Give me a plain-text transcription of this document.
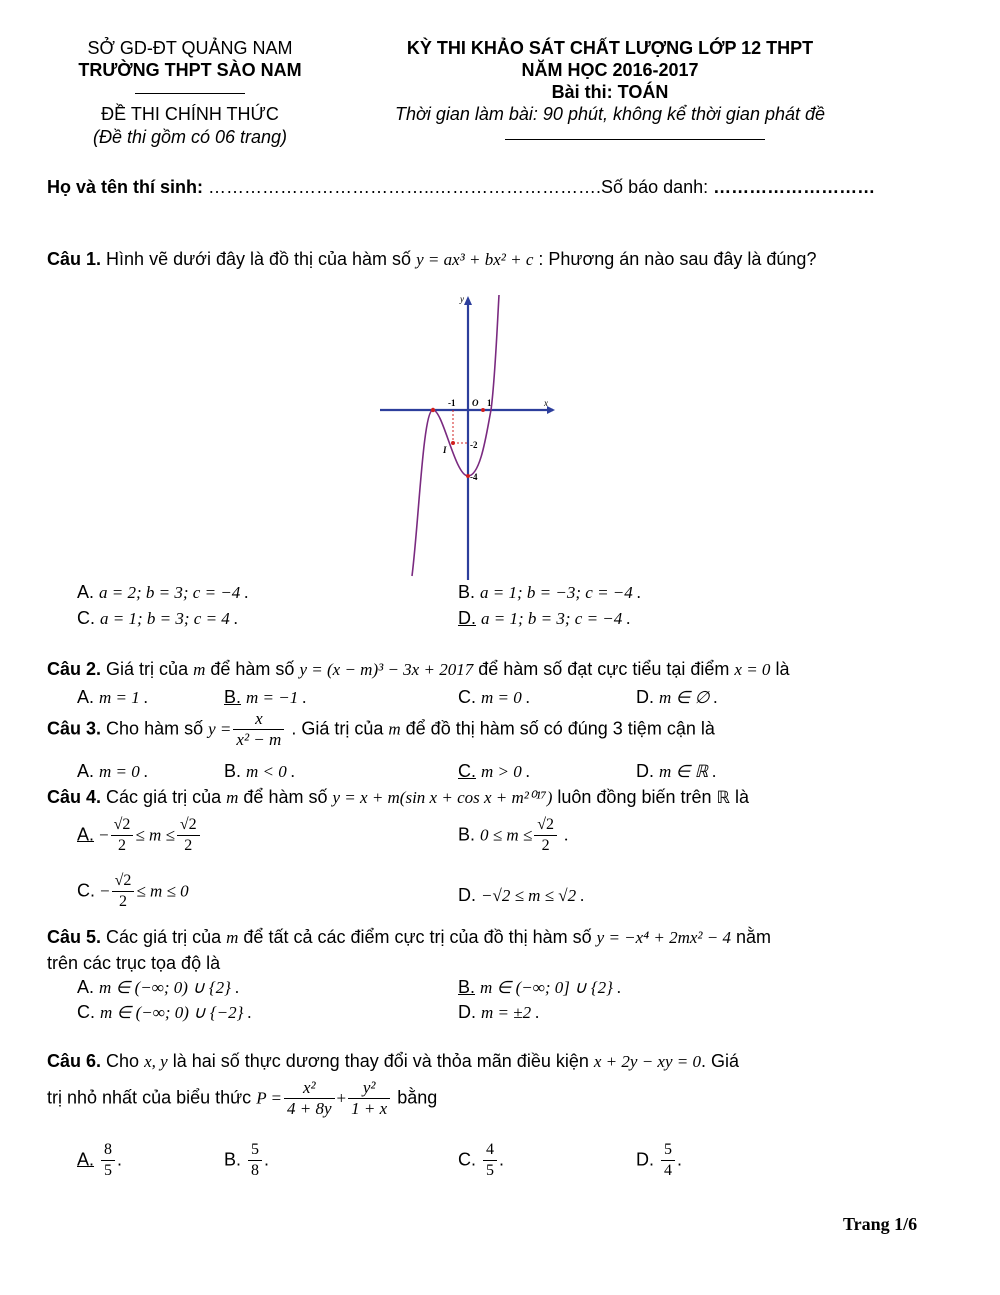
SỞ GD-ĐT QUẢNG NAM
TRƯỜNG THPT SÀO NAM
ĐỀ THI CHÍNH THỨC
(Đề thi gồm có 06 trang)
KỲ THI KHẢO SÁT CHẤT LƯỢNG LỚP 12 THPT
NĂM HỌC 2016-2017
Bài thi: TOÁN
Thời gian làm bài: 90 phút, không kể thời gian phát đề
Họ và tên thí sinh: ………………………………..……………………….Số báo danh: ………………………
Câu 1. Hình vẽ dưới đây là đồ thị của hàm số y = ax³ + bx² + c : Phương án nào sau đây là đúng?
y
x
O
-1	1
-2
-4
I
A. a = 2; b = 3; c = −4 .	B. a = 1; b = −3; c = −4 .
C. a = 1; b = 3; c = 4 .	D. a = 1; b = 3; c = −4 .
Câu 2. Giá trị của m để hàm số y = (x − m)³ − 3x + 2017 để hàm số đạt cực tiểu tại điểm x = 0 là
A. m = 1 .	B. m = −1 .	C. m = 0 .	D. m ∈ ∅ .
Câu 3. Cho hàm số $y = \frac{x}{\text{x² − m}}$ . Giá trị của m để đồ thị hàm số có đúng 3 tiệm cận là
A. m = 0 .	B. m < 0 .	C. m > 0 .	D. m ∈ ℝ .
Câu 4. Các giá trị của m để hàm số y = x + m(sin x + cos x + m²⁰¹⁷) luôn đồng biến trên ℝ là
A. − $\frac{√2}{2} \le m \le \frac{√2}{2}$	B. $0 \le m \le \frac{√2}{2}$ .
C. − $\frac{√2}{2} \le m \le 0$	D. −√2 ≤ m ≤ √2 .
Câu 5. Các giá trị của m để tất cả các điểm cực trị của đồ thị hàm số y = −x⁴ + 2mx² − 4 nằm
trên các trục tọa độ là
A. m ∈ (−∞; 0) ∪ {2} .	B. m ∈ (−∞; 0] ∪ {2} .
C. m ∈ (−∞; 0) ∪ {−2} .	D. m = ±2 .
Câu 6. Cho x, y là hai số thực dương thay đổi và thỏa mãn điều kiện x + 2y − xy = 0. Giá
trị nhỏ nhất của biểu thức $P = \frac{\text{x²}}{4 + 8y} + \frac{\text{y²}}{1 + x}$ bằng
A. $\frac{8}{5}$ .	B. $\frac{5}{8}$ .	C. $\frac{4}{5}$ .	D. $\frac{5}{4}$ .
Trang 1/6
